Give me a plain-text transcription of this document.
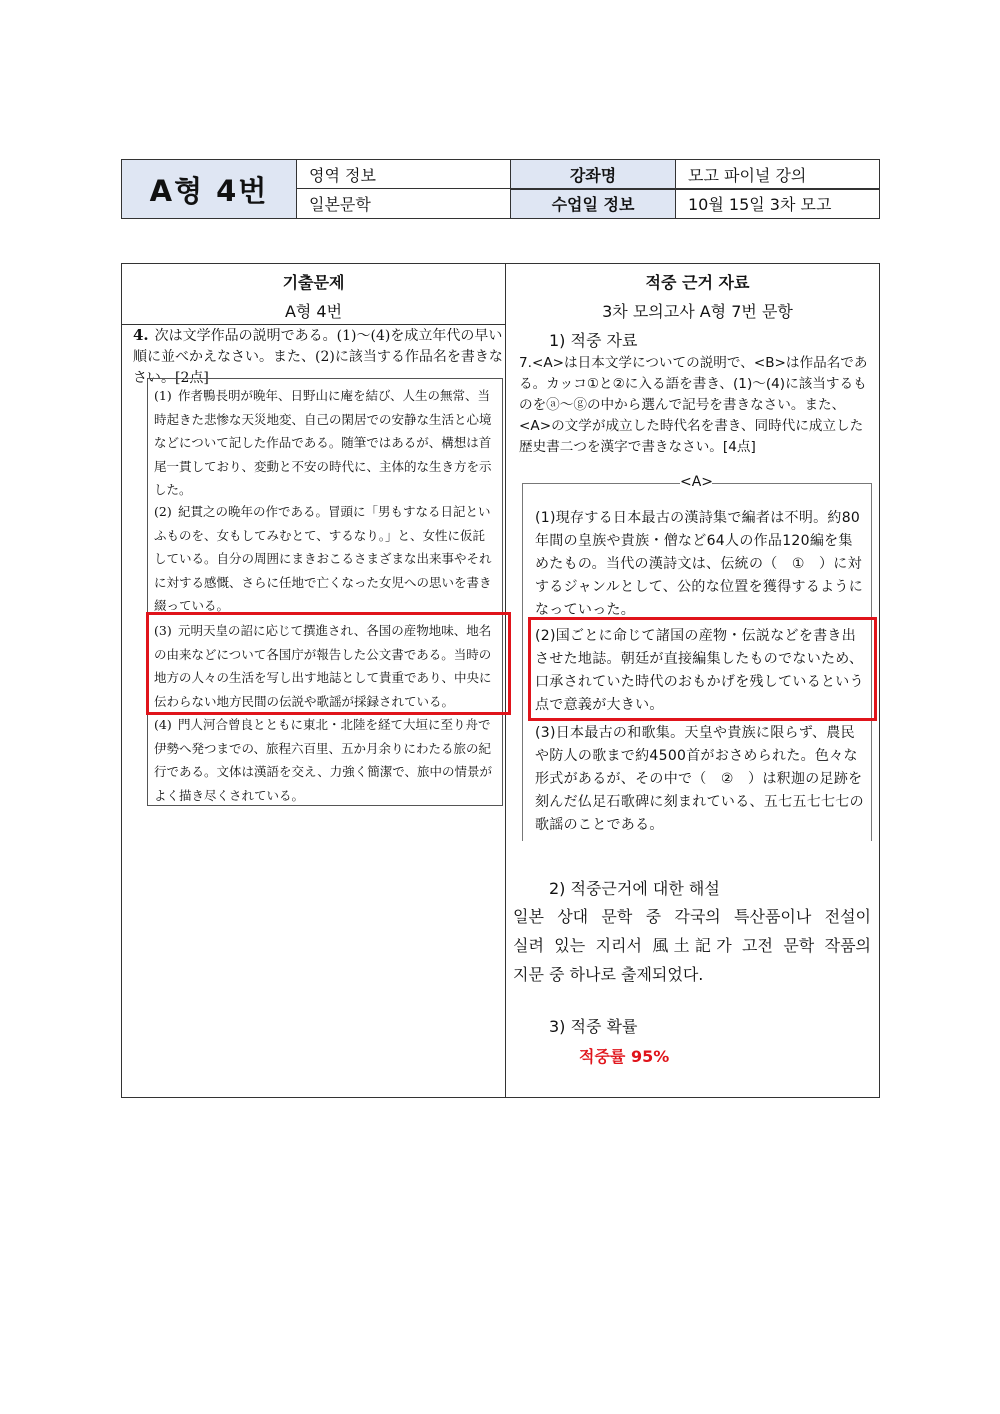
A형 4번	영역 정보
일본문학
강좌명
수업일 정보
모고 파이널 강의
10월 15일 3차 모고
기출문제
A형 4번
적중 근거 자료
3차 모의고사 A형 7번 문항
4. 次は文学作品の説明である。(1)～(4)を成立年代の早い順に並べかえなさい。また、(2)に該当する作品名を書きなさい。[2点]
(1) 作者鴨長明が晩年、日野山に庵を結び、人生の無常、当時起きた悲惨な天災地変、自己の閑居での安静な生活と心境などについて記した作品である。随筆ではあるが、構想は首尾一貫しており、変動と不安の時代に、主体的な生き方を示した。
(2) 紀貫之の晩年の作である。冒頭に「男もすなる日記といふものを、女もしてみむとて、するなり。」と、女性に仮託している。自分の周囲にまきおこるさまざまな出来事やそれに対する感慨、さらに任地で亡くなった女児への思いを書き綴っている。
(3) 元明天皇の詔に応じて撰進され、各国の産物地味、地名の由来などについて各国庁が報告した公文書である。当時の地方の人々の生活を写し出す地誌として貴重であり、中央に伝わらない地方民間の伝説や歌謡が採録されている。
(4) 門人河合曾良とともに東北・北陸を経て大垣に至り舟で伊勢へ発つまでの、旅程六百里、五か月余りにわたる旅の紀行である。文体は漢語を交え、力強く簡潔で、旅中の情景がよく描き尽くされている。
1) 적중 자료
7.<A>は日本文学についての説明で、<B>は作品名である。カッコ①と②に入る語を書き、(1)～(4)に該当するものをⓐ～ⓖの中から選んで記号を書きなさい。また、<A>の文学が成立した時代名を書き、同時代に成立した歴史書二つを漢字で書きなさい。[4点]
<A>
(1)現存する日本最古の漢詩集で編者は不明。約80年間の皇族や貴族・僧など64人の作品120編を集めたもの。当代の漢詩文は、伝統の（　①　）に対するジャンルとして、公的な位置を獲得するようになっていった。
(2)国ごとに命じて諸国の産物・伝説などを書き出させた地誌。朝廷が直接編集したものでないため、口承されていた時代のおもかげを残しているという点で意義が大きい。
(3)日本最古の和歌集。天皇や貴族に限らず、農民や防人の歌まで約4500首がおさめられた。色々な形式があるが、その中で（　②　）は釈迦の足跡を刻んだ仏足石歌碑に刻まれている、五七五七七七の歌謡のことである。
2) 적중근거에 대한 해설
일본 상대 문학 중 각국의 특산품이나 전설이
실려 있는 지리서 風土記가 고전 문학 작품의
지문 중 하나로 출제되었다.
3) 적중 확률
적중률 95%
